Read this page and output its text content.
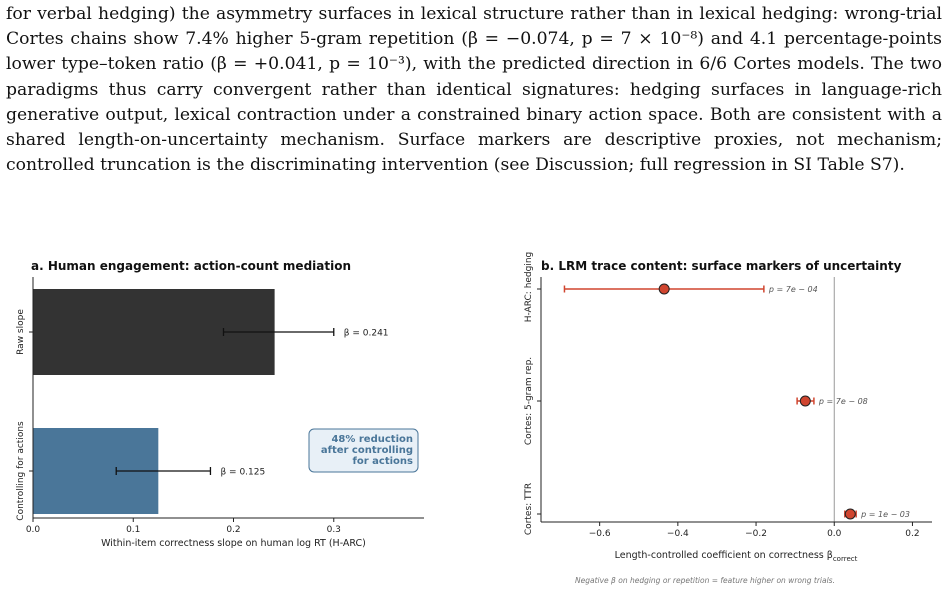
for verbal hedging) the asymmetry surfaces in lexical structure rather than in lexical hedging: wrong-trial Cortes chains show 7.4% higher 5-gram repetition (β = −0.074, p = 7 × 10⁻⁸) and 4.1 percentage-points lower type–token ratio (β = +0.041, p = 10⁻³), with the predicted direction in 6/6 Cortes models. The two paradigms thus carry convergent rather than identical signatures: hedging surfaces in language-rich generative output, lexical contraction under a constrained binary action space. Both are consistent with a shared length-on-uncertainty mechanism. Surface markers are descriptive proxies, not mechanism; controlled truncation is the discriminating intervention (see Discussion; full regression in SI Table S7).

a. Human engagement: action-count mediation
β = 0.241
β = 0.125
Raw slope
Controlling for actions
0.0	0.1	0.2	0.3
Within-item correctness slope on human log RT (H-ARC)
48% reduction
after controlling
for actions
b. LRM trace content: surface markers of uncertainty
p = 7e − 04
p = 7e − 08
p = 1e − 03
H-ARC: hedging
Cortes: 5-gram rep.
Cortes: TTR	−0.6	−0.4	−0.2	0.0	0.2
Length-controlled coefficient on correctness $\beta_{correct}$
Negative β on hedging or repetition = feature higher on wrong trials.
